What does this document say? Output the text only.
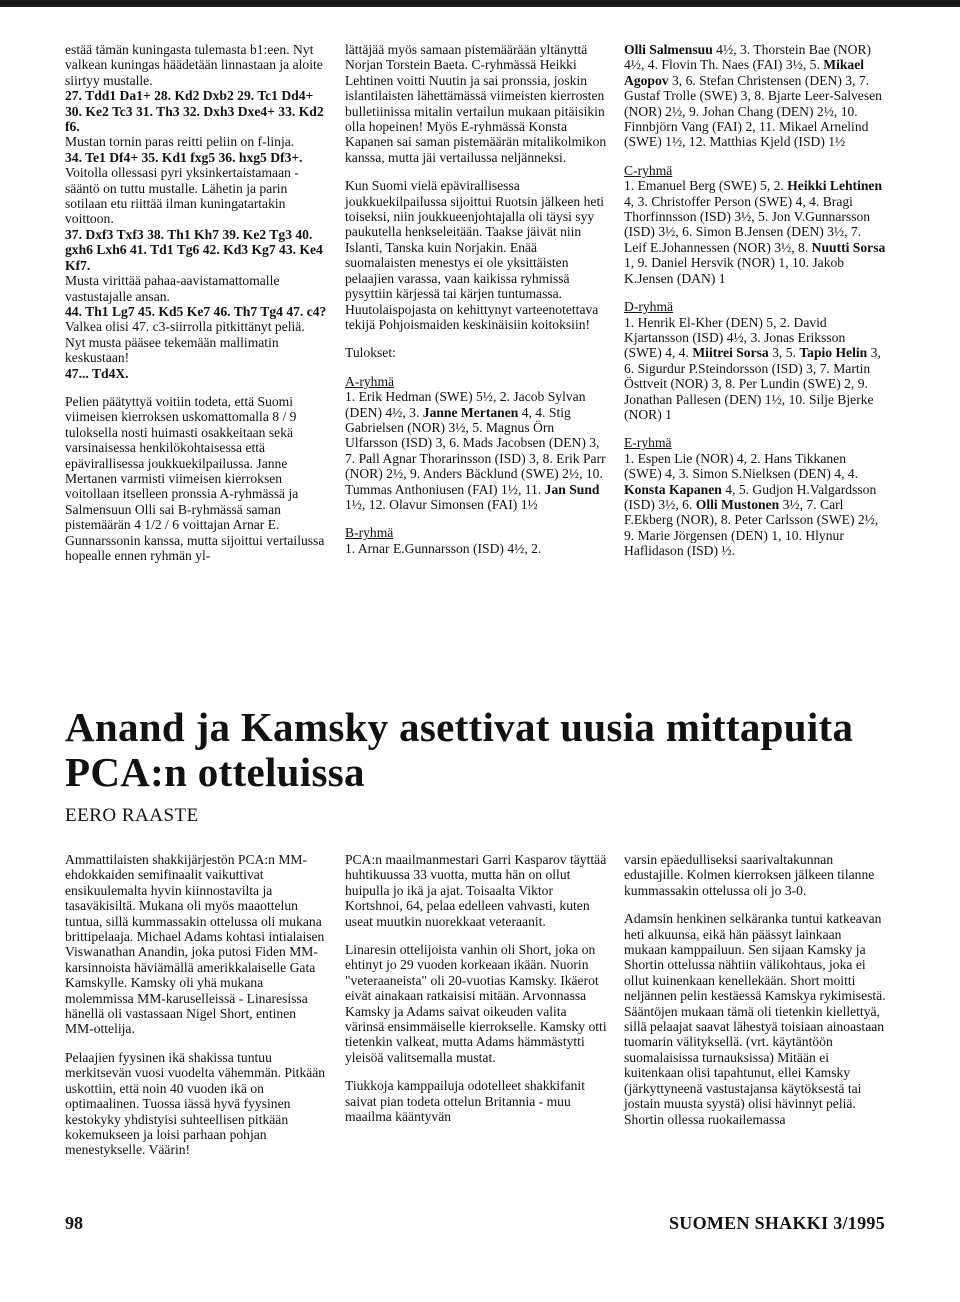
estää tämän kuningasta tulemasta b1:een. Nyt valkean kuningas häädetään linnastaan ja aloite siirtyy mustalle.

27. Tdd1 Da1+ 28. Kd2 Dxb2 29. Tc1 Dd4+ 30. Ke2 Tc3 31. Th3 32. Dxh3 Dxe4+ 33. Kd2 f6.

Mustan tornin paras reitti peliin on f-linja.

34. Te1 Df4+ 35. Kd1 fxg5 36. hxg5 Df3+.

Voitolla ollessasi pyri yksinkertaistamaan -sääntö on tuttu mustalle. Lähetin ja parin sotilaan etu riittää ilman kuningatartakin voittoon.

37. Dxf3 Txf3 38. Th1 Kh7 39. Ke2 Tg3 40. gxh6 Lxh6 41. Td1 Tg6 42. Kd3 Kg7 43. Ke4 Kf7.

Musta virittää pahaa-aavistamattomalle vastustajalle ansan.

44. Th1 Lg7 45. Kd5 Ke7 46. Th7 Tg4 47. c4?

Valkea olisi 47. c3-siirrolla pitkittänyt peliä. Nyt musta pääsee tekemään mallimatin keskustaan!

47... Td4X.

Pelien päätyttyä voitiin todeta, että Suomi viimeisen kierroksen uskomattomalla 8 / 9 tuloksella nosti huimasti osakkeitaan sekä varsinaisessa henkilökohtaisessa että epävirallisessa joukkuekilpailussa. Janne Mertanen varmisti viimeisen kierroksen voitollaan itselleen pronssia A-ryhmässä ja Salmensuun Olli sai B-ryhmässä saman pistemäärän 4 1/2 / 6 voittajan Arnar E. Gunnarssonin kanssa, mutta sijoittui vertailussa hopealle ennen ryhmän yl-

lättäjää myös samaan pistemäärään yltänyttä Norjan Torstein Baeta. C-ryhmässä Heikki Lehtinen voitti Nuutin ja sai pronssia, joskin islantilaisten lähettämässä viimeisten kierrosten bulletiinissa mitalin vertailun mukaan pitäisikin olla hopeinen! Myös E-ryhmässä Konsta Kapanen sai saman pistemäärän mitalikolmikon kanssa, mutta jäi vertailussa neljänneksi.

Kun Suomi vielä epävirallisessa joukkuekilpailussa sijoittui Ruotsin jälkeen heti toiseksi, niin joukkueenjohtajalla oli täysi syy paukutella henkseleitään. Taakse jäivät niin Islanti, Tanska kuin Norjakin. Enää suomalaisten menestys ei ole yksittäisten pelaajien varassa, vaan kaikissa ryhmissä pysyttiin kärjessä tai kärjen tuntumassa. Huutolaispojasta on kehittynyt varteenotettava tekijä Pohjoismaiden keskinäisiin koitoksiin!

Tulokset:

A-ryhmä

1. Erik Hedman (SWE) 5½, 2. Jacob Sylvan (DEN) 4½, 3. Janne Mertanen 4, 4. Stig Gabrielsen (NOR) 3½, 5. Magnus Örn Ulfarsson (ISD) 3, 6. Mads Jacobsen (DEN) 3, 7. Pall Agnar Thorarinsson (ISD) 3, 8. Erik Parr (NOR) 2½, 9. Anders Bäcklund (SWE) 2½, 10. Tummas Anthoniusen (FAI) 1½, 11. Jan Sund 1½, 12. Olavur Simonsen (FAI) 1½

B-ryhmä

1. Arnar E.Gunnarsson (ISD) 4½, 2.

Olli Salmensuu 4½, 3. Thorstein Bae (NOR) 4½, 4. Flovin Th. Naes (FAI) 3½, 5. Mikael Agopov 3, 6. Stefan Christensen (DEN) 3, 7. Gustaf Trolle (SWE) 3, 8. Bjarte Leer-Salvesen (NOR) 2½, 9. Johan Chang (DEN) 2½, 10. Finnbjörn Vang (FAI) 2, 11. Mikael Arnelind (SWE) 1½, 12. Matthias Kjeld (ISD) 1½

C-ryhmä

1. Emanuel Berg (SWE) 5, 2. Heikki Lehtinen 4, 3. Christoffer Person (SWE) 4, 4. Bragi Thorfinnsson (ISD) 3½, 5. Jon V.Gunnarsson (ISD) 3½, 6. Simon B.Jensen (DEN) 3½, 7. Leif E.Johannessen (NOR) 3½, 8. Nuutti Sorsa 1, 9. Daniel Hersvik (NOR) 1, 10. Jakob K.Jensen (DAN) 1

D-ryhmä

1. Henrik El-Kher (DEN) 5, 2. David Kjartansson (ISD) 4½, 3. Jonas Eriksson (SWE) 4, 4. Miitrei Sorsa 3, 5. Tapio Helin 3, 6. Sigurdur P.Steindorsson (ISD) 3, 7. Martin Östtveit (NOR) 3, 8. Per Lundin (SWE) 2, 9. Jonathan Pallesen (DEN) 1½, 10. Silje Bjerke (NOR) 1

E-ryhmä

1. Espen Lie (NOR) 4, 2. Hans Tikkanen (SWE) 4, 3. Simon S.Nielksen (DEN) 4, 4. Konsta Kapanen 4, 5. Gudjon H.Valgardsson (ISD) 3½, 6. Olli Mustonen 3½, 7. Carl F.Ekberg (NOR), 8. Peter Carlsson (SWE) 2½, 9. Marie Jörgensen (DEN) 1, 10. Hlynur Haflidason (ISD) ½.

Anand ja Kamsky asettivat uusia mittapuita PCA:n otteluissa

EERO RAASTE

Ammattilaisten shakkijärjestön PCA:n MM-ehdokkaiden semifinaalit vaikuttivat ensikuulemalta hyvin kiinnostavilta ja tasaväkisiltä. Mukana oli myös maaottelun tuntua, sillä kummassakin ottelussa oli mukana brittipelaaja. Michael Adams kohtasi intialaisen Viswanathan Anandin, joka putosi Fiden MM-karsinnoista häviämällä amerikkalaiselle Gata Kamskylle. Kamsky oli yhä mukana molemmissa MM-karuselleissä - Linaresissa hänellä oli vastassaan Nigel Short, entinen MM-ottelija.

Pelaajien fyysinen ikä shakissa tuntuu merkitsevän vuosi vuodelta vähemmän. Pitkään uskottiin, että noin 40 vuoden ikä on optimaalinen. Tuossa iässä hyvä fyysinen kestokyky yhdistyisi suhteellisen pitkään kokemukseen ja loisi parhaan pohjan menestykselle. Väärin!

PCA:n maailmanmestari Garri Kasparov täyttää huhtikuussa 33 vuotta, mutta hän on ollut huipulla jo ikä ja ajat. Toisaalta Viktor Kortshnoi, 64, pelaa edelleen vahvasti, kuten useat muutkin nuorekkaat veteraanit.

Linaresin ottelijoista vanhin oli Short, joka on ehtinyt jo 29 vuoden korkeaan ikään. Nuorin "veteraaneista" oli 20-vuotias Kamsky. Ikäerot eivät ainakaan ratkaisisi mitään. Arvonnassa Kamsky ja Adams saivat oikeuden valita värinsä ensimmäiselle kierrokselle. Kamsky otti tietenkin valkeat, mutta Adams hämmästytti yleisöä valitsemalla mustat.

Tiukkoja kamppailuja odotelleet shakkifanit saivat pian todeta ottelun Britannia - muu maailma kääntyvän

varsin epäedulliseksi saarivaltakunnan edustajille. Kolmen kierroksen jälkeen tilanne kummassakin ottelussa oli jo 3-0.

Adamsin henkinen selkäranka tuntui katkeavan heti alkuunsa, eikä hän päässyt lainkaan mukaan kamppailuun. Sen sijaan Kamsky ja Shortin ottelussa nähtiin välikohtaus, joka ei ollut kuinenkaan kenellekään. Short moitti neljännen pelin kestäessä Kamskya rykimisestä. Sääntöjen mukaan tämä oli tietenkin kiellettyä, sillä pelaajat saavat lähestyä toisiaan ainoastaan tuomarin välityksellä. (vrt. käytäntöön suomalaisissa turnauksissa) Mitään ei kuitenkaan olisi tapahtunut, ellei Kamsky (järkyttyneenä vastustajansa käytöksestä tai jostain muusta syystä) olisi hävinnyt peliä. Shortin ollessa ruokailemassa

98	SUOMEN SHAKKI 3/1995
